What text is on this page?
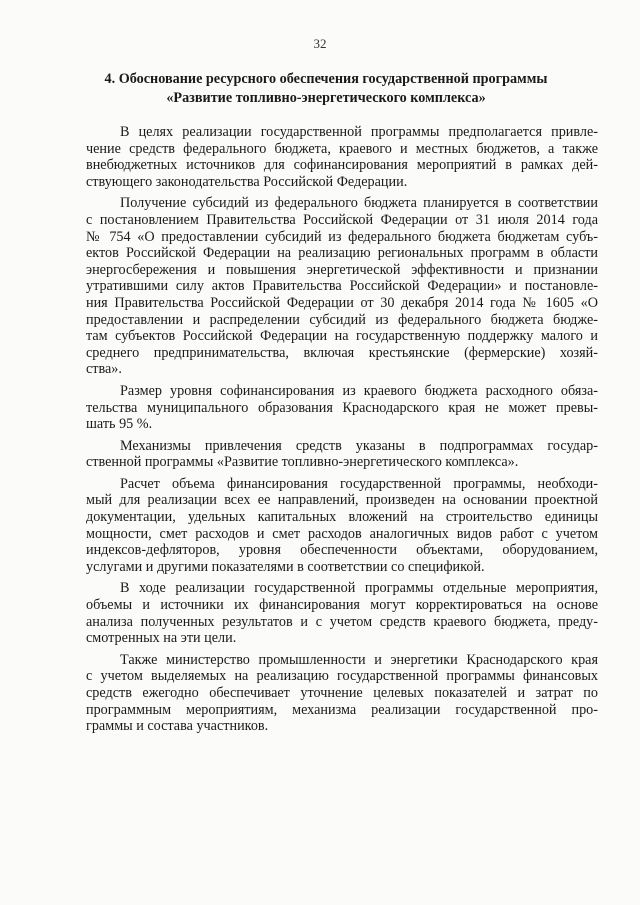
32
4. Обоснование ресурсного обеспечения государственной программы
«Развитие топливно-энергетического комплекса»
В целях реализации государственной программы предполагается привле-
чение средств федерального бюджета, краевого и местных бюджетов, а также
внебюджетных источников для софинансирования мероприятий в рамках дей-
ствующего законодательства Российской Федерации.
Получение субсидий из федерального бюджета планируется в соответствии
с постановлением Правительства Российской Федерации от 31 июля 2014 года
№ 754 «О предоставлении субсидий из федерального бюджета бюджетам субъ-
ектов Российской Федерации на реализацию региональных программ в области
энергосбережения и повышения энергетической эффективности и признании
утратившими силу актов Правительства Российской Федерации» и постановле-
ния Правительства Российской Федерации от 30 декабря 2014 года № 1605 «О
предоставлении и распределении субсидий из федерального бюджета бюдже-
там субъектов Российской Федерации на государственную поддержку малого и
среднего предпринимательства, включая крестьянские (фермерские) хозяй-
ства».
Размер уровня софинансирования из краевого бюджета расходного обяза-
тельства муниципального образования Краснодарского края не может превы-
шать 95 %.
Механизмы привлечения средств указаны в подпрограммах государ-
ственной программы «Развитие топливно-энергетического комплекса».
Расчет объема финансирования государственной программы, необходи-
мый для реализации всех ее направлений, произведен на основании проектной
документации, удельных капитальных вложений на строительство единицы
мощности, смет расходов и смет расходов аналогичных видов работ с учетом
индексов-дефляторов, уровня обеспеченности объектами, оборудованием,
услугами и другими показателями в соответствии со спецификой.
В ходе реализации государственной программы отдельные мероприятия,
объемы и источники их финансирования могут корректироваться на основе
анализа полученных результатов и с учетом средств краевого бюджета, преду-
смотренных на эти цели.
Также министерство промышленности и энергетики Краснодарского края
с учетом выделяемых на реализацию государственной программы финансовых
средств ежегодно обеспечивает уточнение целевых показателей и затрат по
программным мероприятиям, механизма реализации государственной про-
граммы и состава участников.
